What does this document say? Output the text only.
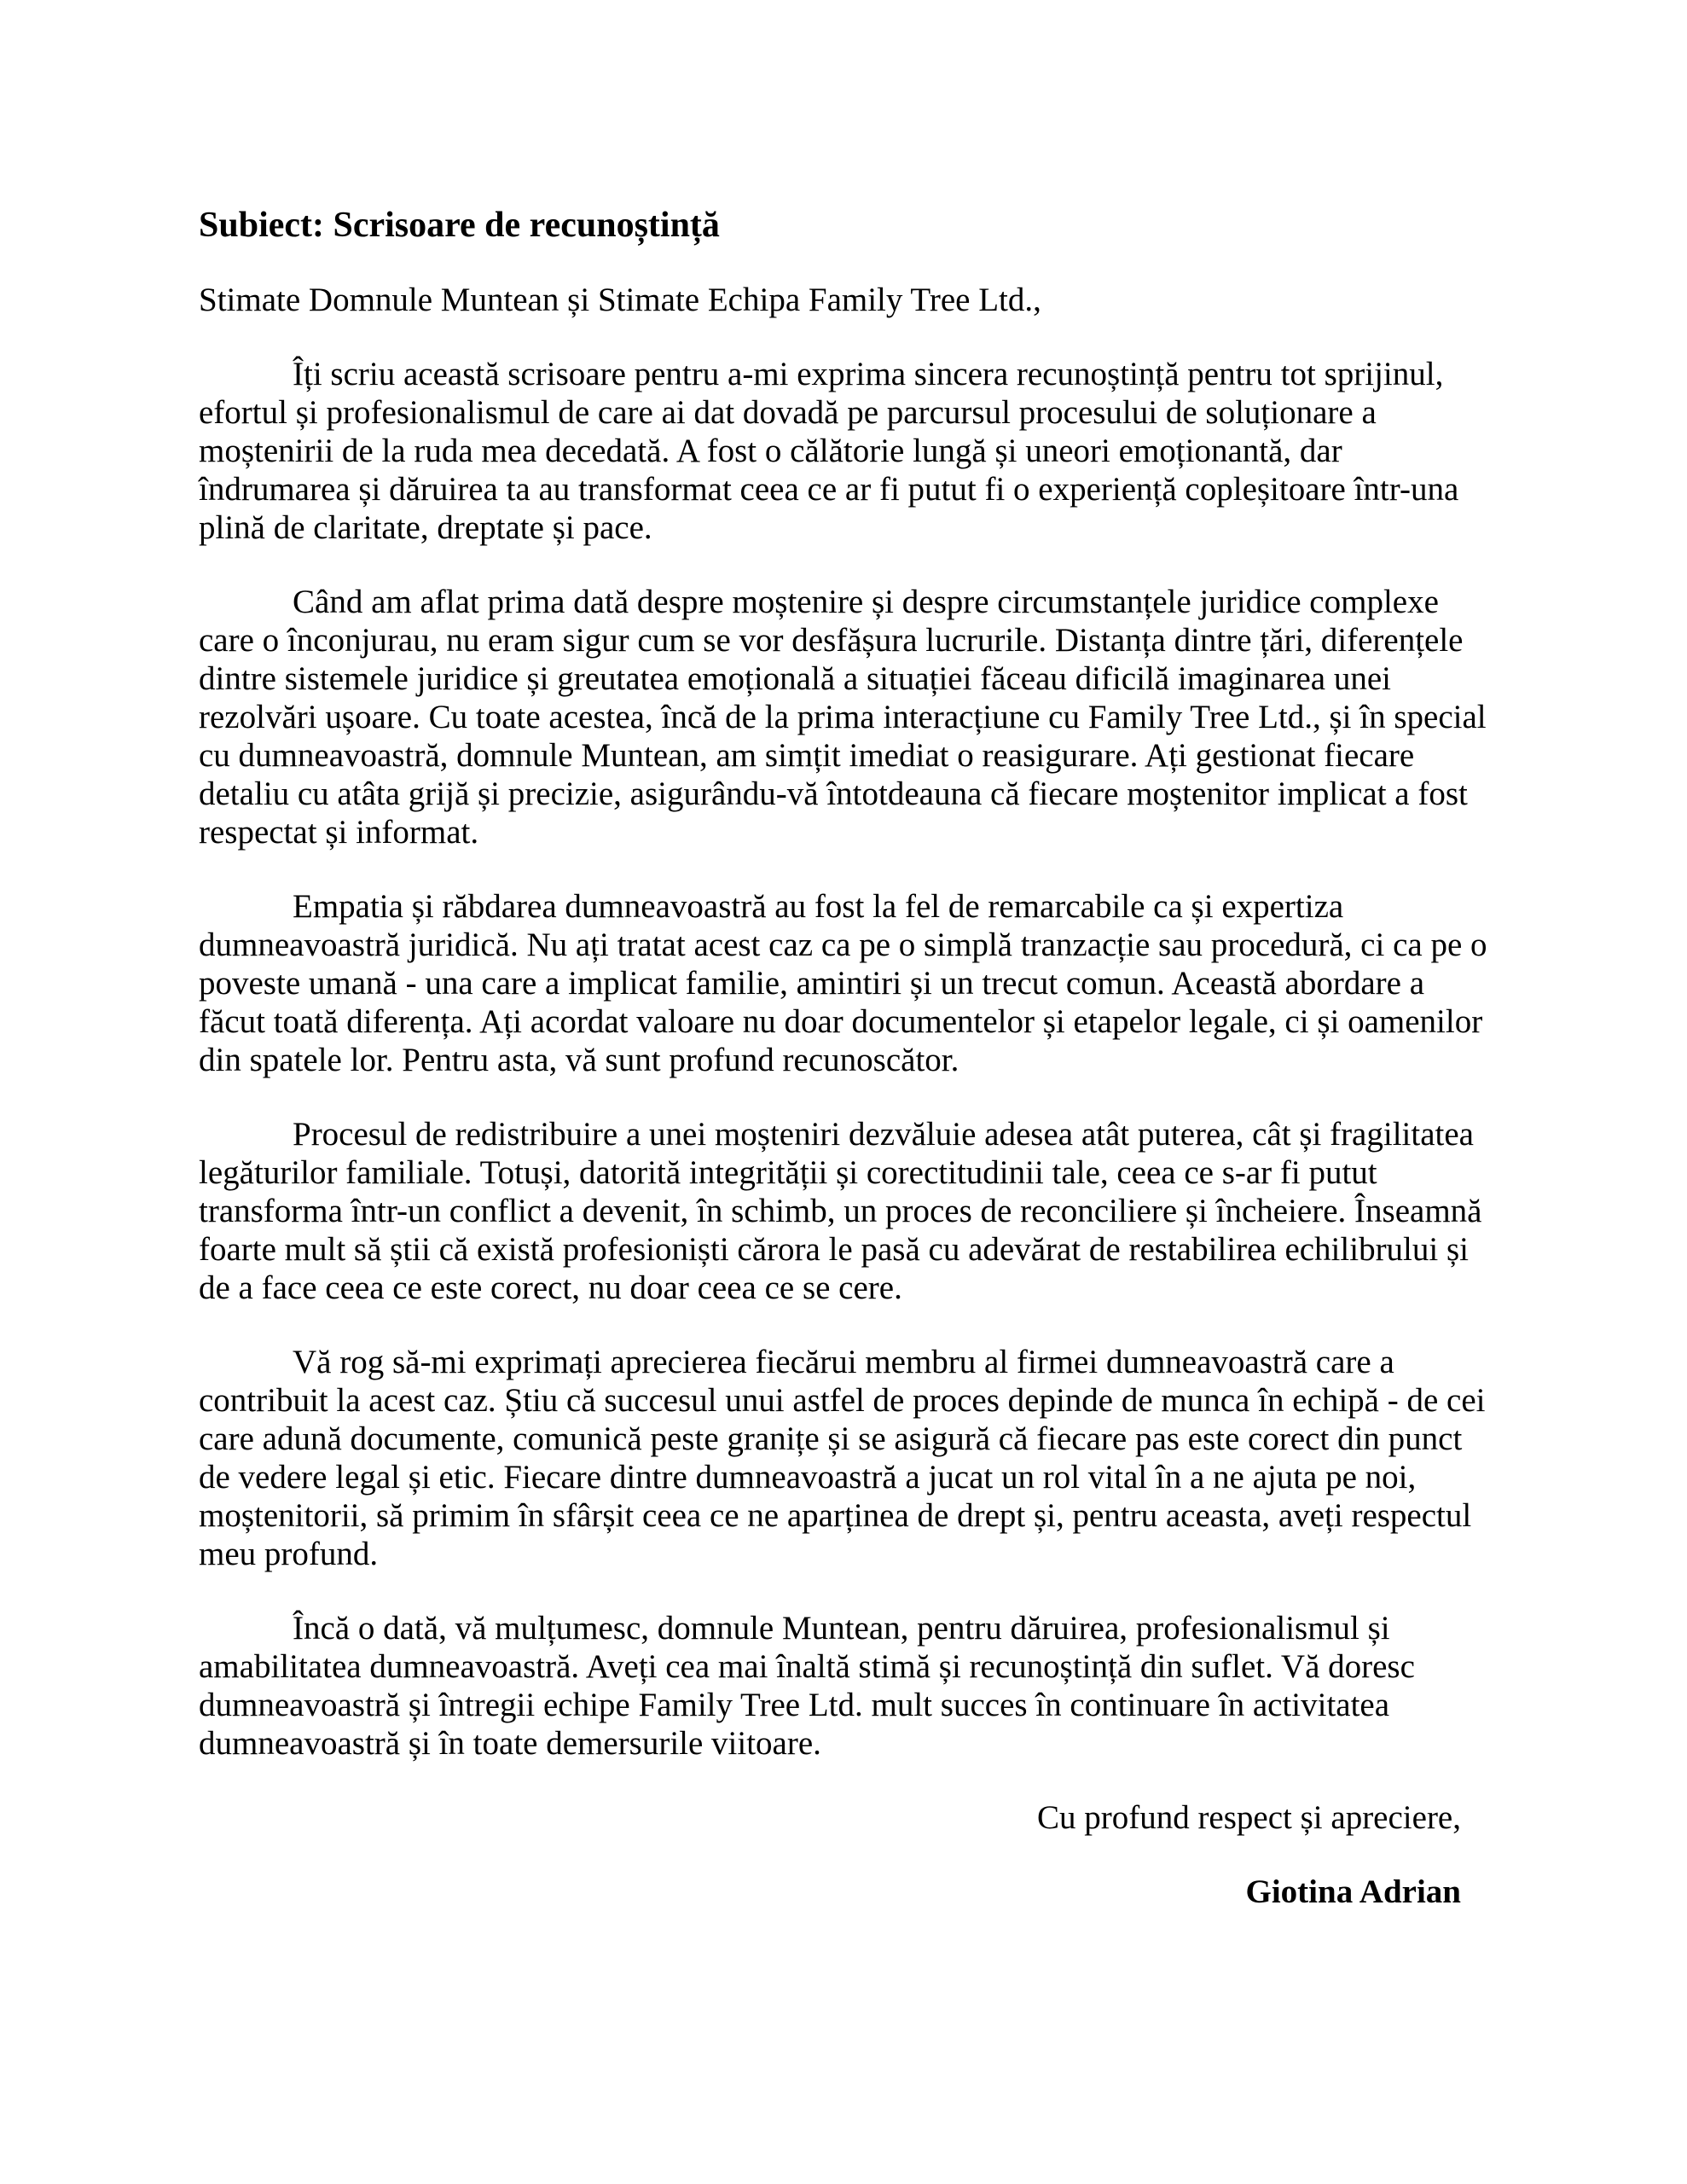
Subiect: Scrisoare de recunoștință
Stimate Domnule Muntean și Stimate Echipa Family Tree Ltd.,

Îți scriu această scrisoare pentru a-mi exprima sincera recunoștință pentru tot sprijinul, efortul și profesionalismul de care ai dat dovadă pe parcursul procesului de soluționare a moștenirii de la ruda mea decedată. A fost o călătorie lungă și uneori emoționantă, dar îndrumarea și dăruirea ta au transformat ceea ce ar fi putut fi o experiență copleșitoare într-una plină de claritate, dreptate și pace.

Când am aflat prima dată despre moștenire și despre circumstanțele juridice complexe care o înconjurau, nu eram sigur cum se vor desfășura lucrurile. Distanța dintre țări, diferențele dintre sistemele juridice și greutatea emoțională a situației făceau dificilă imaginarea unei rezolvări ușoare. Cu toate acestea, încă de la prima interacțiune cu Family Tree Ltd., și în special cu dumneavoastră, domnule Muntean, am simțit imediat o reasigurare. Ați gestionat fiecare detaliu cu atâta grijă și precizie, asigurându-vă întotdeauna că fiecare moștenitor implicat a fost respectat și informat.

Empatia și răbdarea dumneavoastră au fost la fel de remarcabile ca și expertiza dumneavoastră juridică. Nu ați tratat acest caz ca pe o simplă tranzacție sau procedură, ci ca pe o poveste umană - una care a implicat familie, amintiri și un trecut comun. Această abordare a făcut toată diferența. Ați acordat valoare nu doar documentelor și etapelor legale, ci și oamenilor din spatele lor. Pentru asta, vă sunt profund recunoscător.

Procesul de redistribuire a unei moșteniri dezvăluie adesea atât puterea, cât și fragilitatea legăturilor familiale. Totuși, datorită integrității și corectitudinii tale, ceea ce s-ar fi putut transforma într-un conflict a devenit, în schimb, un proces de reconciliere și încheiere. Înseamnă foarte mult să știi că există profesioniști cărora le pasă cu adevărat de restabilirea echilibrului și de a face ceea ce este corect, nu doar ceea ce se cere.

Vă rog să-mi exprimați aprecierea fiecărui membru al firmei dumneavoastră care a contribuit la acest caz. Știu că succesul unui astfel de proces depinde de munca în echipă - de cei care adună documente, comunică peste granițe și se asigură că fiecare pas este corect din punct de vedere legal și etic. Fiecare dintre dumneavoastră a jucat un rol vital în a ne ajuta pe noi, moștenitorii, să primim în sfârșit ceea ce ne aparținea de drept și, pentru aceasta, aveți respectul meu profund.

Încă o dată, vă mulțumesc, domnule Muntean, pentru dăruirea, profesionalismul și amabilitatea dumneavoastră. Aveți cea mai înaltă stimă și recunoștință din suflet. Vă doresc dumneavoastră și întregii echipe Family Tree Ltd. mult succes în continuare în activitatea dumneavoastră și în toate demersurile viitoare.

Cu profund respect și apreciere,
Giotina Adrian
